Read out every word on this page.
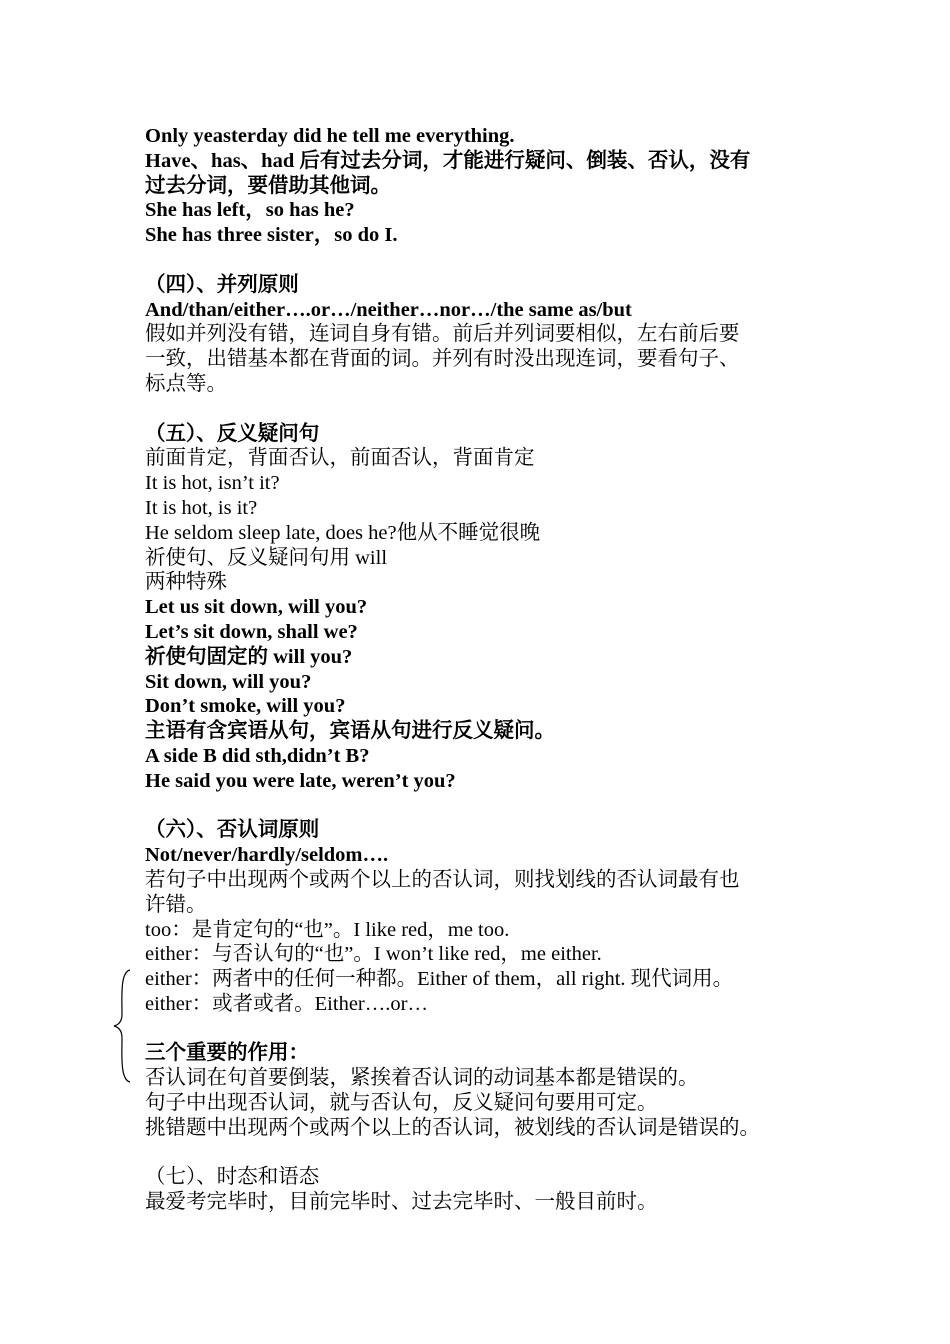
Only yeasterday did he tell me everything.
Have、has、had 后有过去分词，才能进行疑问、倒装、否认，没有
过去分词，要借助其他词。
She has left，so has he?
She has three sister，so do I.
（四）、并列原则
And/than/either….or…/neither…nor…/the same as/but
假如并列没有错，连词自身有错。前后并列词要相似，左右前后要
一致，出错基本都在背面的词。并列有时没出现连词，要看句子、
标点等。
（五）、反义疑问句
前面肯定，背面否认，前面否认，背面肯定
It is hot, isn’t it?
It is hot, is it?
He seldom sleep late, does he?他从不睡觉很晚
祈使句、反义疑问句用 will
两种特殊
Let us sit down, will you?
Let’s sit down, shall we?
祈使句固定的 will you?
Sit down, will you?
Don’t smoke, will you?
主语有含宾语从句，宾语从句进行反义疑问。
A side B did sth,didn’t B?
He said you were late, weren’t you?
（六）、否认词原则
Not/never/hardly/seldom….
若句子中出现两个或两个以上的否认词，则找划线的否认词最有也
许错。
too：是肯定句的“也”。I like red，me too.
either：与否认句的“也”。I won’t like red，me either.
either：两者中的任何一种都。Either of them，all right. 现代词用。
either：或者或者。Either….or…
三个重要的作用：
否认词在句首要倒装，紧挨着否认词的动词基本都是错误的。
句子中出现否认词，就与否认句，反义疑问句要用可定。
挑错题中出现两个或两个以上的否认词，被划线的否认词是错误的。
（七）、时态和语态
最爱考完毕时，目前完毕时、过去完毕时、一般目前时。
